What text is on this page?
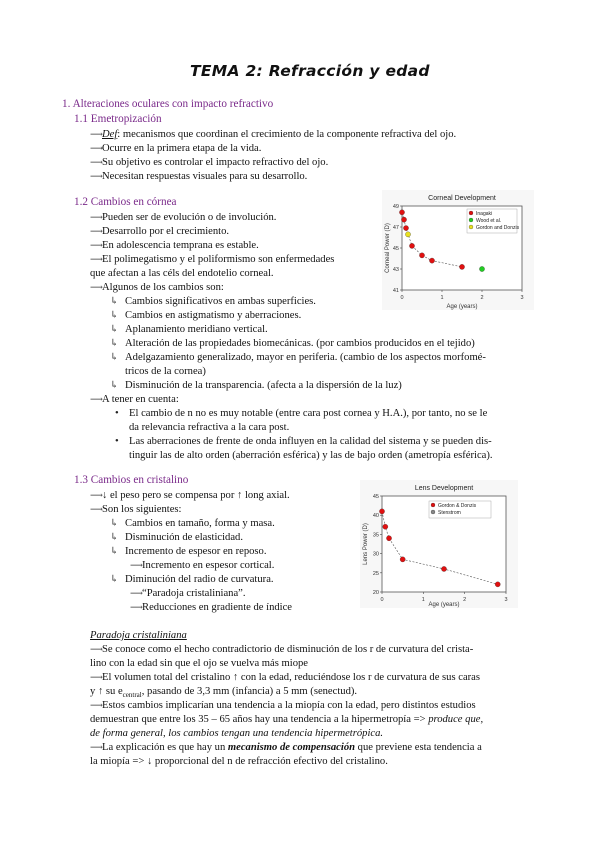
TEMA 2: Refracción y edad
1. Alteraciones oculares con impacto refractivo
1.1 Emetropización
⟶Def: mecanismos que coordinan el crecimiento de la componente refractiva del ojo.
⟶Ocurre en la primera etapa de la vida.
⟶Su objetivo es controlar el impacto refractivo del ojo.
⟶Necesitan respuestas visuales para su desarrollo.
1.2 Cambios en córnea
⟶Pueden ser de evolución o de involución.
⟶Desarrollo por el crecimiento.
⟶En adolescencia temprana es estable.
⟶El polimegatismo y el poliformismo son enfermedades
que afectan a las céls del endotelio corneal.
⟶Algunos de los cambios son:
↳ Cambios significativos en ambas superficies.
↳ Cambios en astigmatismo y aberraciones.
↳ Aplanamiento meridiano vertical.
↳ Alteración de las propiedades biomecánicas. (por cambios producidos en el tejido)
↳ Adelgazamiento generalizado, mayor en periferia. (cambio de los aspectos morfomé-
tricos de la cornea)
↳ Disminución de la transparencia. (afecta a la dispersión de la luz)
⟶A tener en cuenta:
• El cambio de n no es muy notable (entre cara post cornea y H.A.), por tanto, no se le
da relevancia refractiva a la cara post.
• Las aberraciones de frente de onda influyen en la calidad del sistema y se pueden dis-
tinguir las de alto orden (aberración esférica) y las de bajo orden (ametropía esférica).
1.3 Cambios en cristalino
⟶↓ el peso pero se compensa por ↑ long axial.
⟶Son los siguientes:
↳ Cambios en tamaño, forma y masa.
↳ Disminución de elasticidad.
↳ Incremento de espesor en reposo.
⟶Incremento en espesor cortical.
↳ Diminución del radio de curvatura.
⟶“Paradoja cristaliniana”.
⟶Reducciones en gradiente de índice
Paradoja cristaliniana
⟶Se conoce como el hecho contradictorio de disminución de los r de curvatura del crista-
lino con la edad sin que el ojo se vuelva más miope
⟶El volumen total del cristalino ↑ con la edad, reduciéndose los r de curvatura de sus caras
y ↑ su $e_{central}$, pasando de 3,3 mm (infancia) a 5 mm (senectud).
⟶Estos cambios implicarían una tendencia a la miopía con la edad, pero distintos estudios
demuestran que entre los 35 – 65 años hay una tendencia a la hipermetropía => produce que,
de forma general, los cambios tengan una tendencia hipermetrópica.
⟶La explicación es que hay un mecanismo de compensación que previene esta tendencia a
la miopía => ↓ proporcional del n de refracción efectivo del cristalino.
Corneal Development
0	1	2	3
49
47
45
43
41
Age (years)
Corneal Power (D)
Inagaki
Wood et al.
Gordon and Donzis
Lens Development
0	1	2	3
45
40
35
30
25
20
Age (years)
Lens Power (D)
Gordon & Donzis
Stenstrom
